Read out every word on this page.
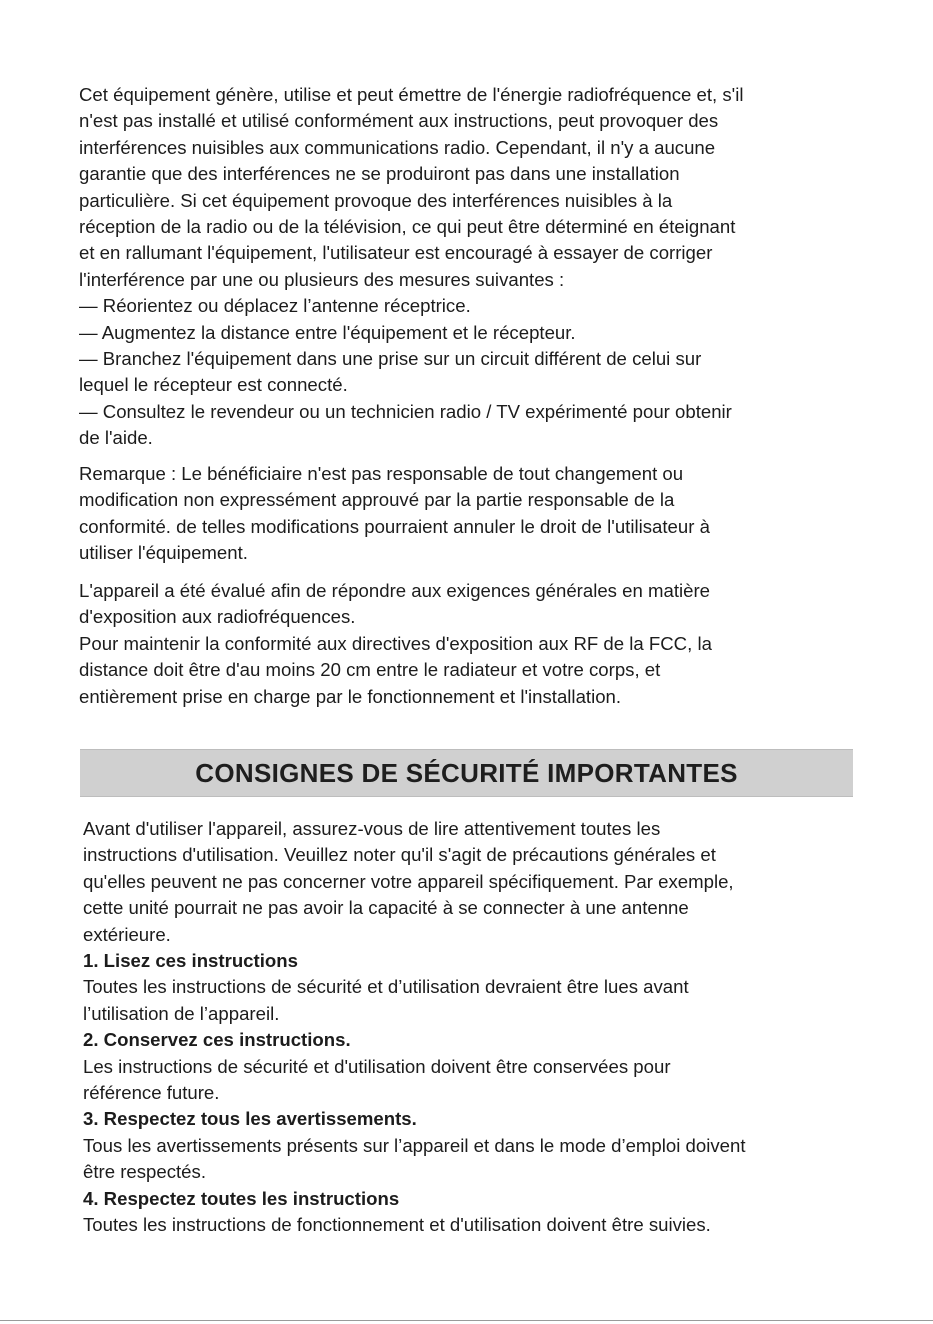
Cet équipement génère, utilise et peut émettre de l'énergie radiofréquence et, s'il
n'est pas installé et utilisé conformément aux instructions, peut provoquer des
interférences nuisibles aux communications radio. Cependant, il n'y a aucune
garantie que des interférences ne se produiront pas dans une installation
particulière. Si cet équipement provoque des interférences nuisibles à la
réception de la radio ou de la télévision, ce qui peut être déterminé en éteignant
et en rallumant l'équipement, l'utilisateur est encouragé à essayer de corriger
l'interférence par une ou plusieurs des mesures suivantes :
— Réorientez ou déplacez l’antenne réceptrice.
— Augmentez la distance entre l'équipement et le récepteur.
— Branchez l'équipement dans une prise sur un circuit différent de celui sur
lequel le récepteur est connecté.
— Consultez le revendeur ou un technicien radio / TV expérimenté pour obtenir
de l'aide.

Remarque : Le bénéficiaire n'est pas responsable de tout changement ou
modification non expressément approuvé par la partie responsable de la
conformité. de telles modifications pourraient annuler le droit de l'utilisateur à
utiliser l'équipement.

L'appareil a été évalué afin de répondre aux exigences générales en matière
d'exposition aux radiofréquences.
Pour maintenir la conformité aux directives d'exposition aux RF de la FCC, la
distance doit être d'au moins 20 cm entre le radiateur et votre corps, et
entièrement prise en charge par le fonctionnement et l'installation.

CONSIGNES DE SÉCURITÉ IMPORTANTES
Avant d'utiliser l'appareil, assurez-vous de lire attentivement toutes les
instructions d'utilisation. Veuillez noter qu'il s'agit de précautions générales et
qu'elles peuvent ne pas concerner votre appareil spécifiquement. Par exemple,
cette unité pourrait ne pas avoir la capacité à se connecter à une antenne
extérieure.
1. Lisez ces instructions
Toutes les instructions de sécurité et d’utilisation devraient être lues avant
l’utilisation de l’appareil.
2. Conservez ces instructions.
Les instructions de sécurité et d'utilisation doivent être conservées pour
référence future.
3. Respectez tous les avertissements.
Tous les avertissements présents sur l’appareil et dans le mode d’emploi doivent
être respectés.
4. Respectez toutes les instructions
Toutes les instructions de fonctionnement et d'utilisation doivent être suivies.
